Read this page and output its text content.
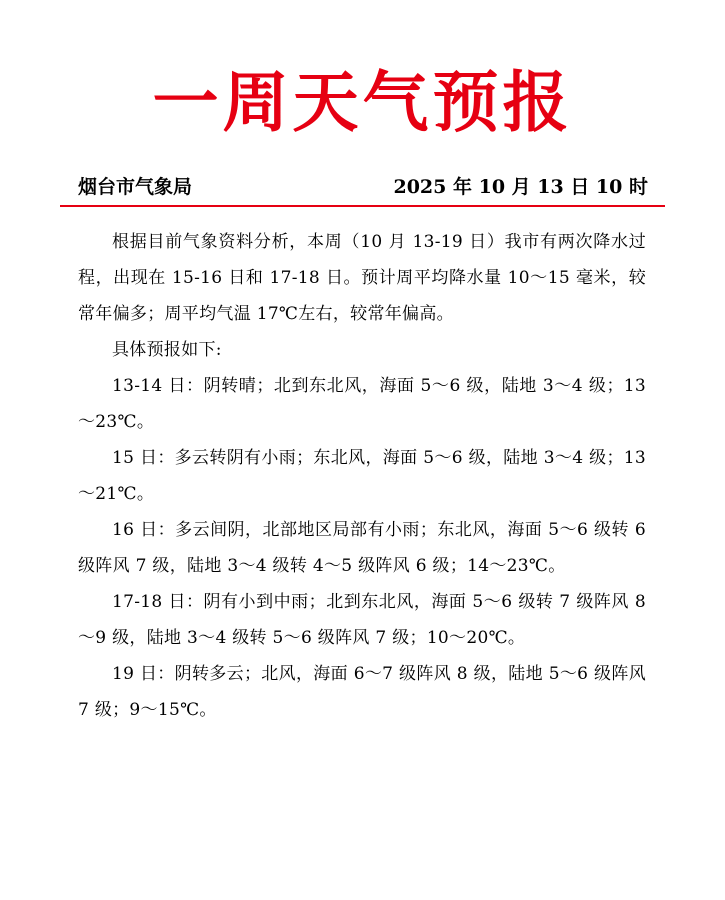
一周天气预报
烟台市气象局	2025 年 10 月 13 日 10 时

根据目前气象资料分析，本周（10 月 13-19 日）我市有两次降水过程，出现在 15-16 日和 17-18 日。预计周平均降水量 10～15 毫米，较常年偏多；周平均气温 17℃左右，较常年偏高。

具体预报如下:

13-14 日：阴转晴；北到东北风，海面 5～6 级，陆地 3～4 级；13～23℃。

15 日：多云转阴有小雨；东北风，海面 5～6 级，陆地 3～4 级；13～21℃。

16 日：多云间阴，北部地区局部有小雨；东北风，海面 5～6 级转 6 级阵风 7 级，陆地 3～4 级转 4～5 级阵风 6 级；14～23℃。

17-18 日：阴有小到中雨；北到东北风，海面 5～6 级转 7 级阵风 8～9 级，陆地 3～4 级转 5～6 级阵风 7 级；10～20℃。

19 日：阴转多云；北风，海面 6～7 级阵风 8 级，陆地 5～6 级阵风 7 级；9～15℃。
